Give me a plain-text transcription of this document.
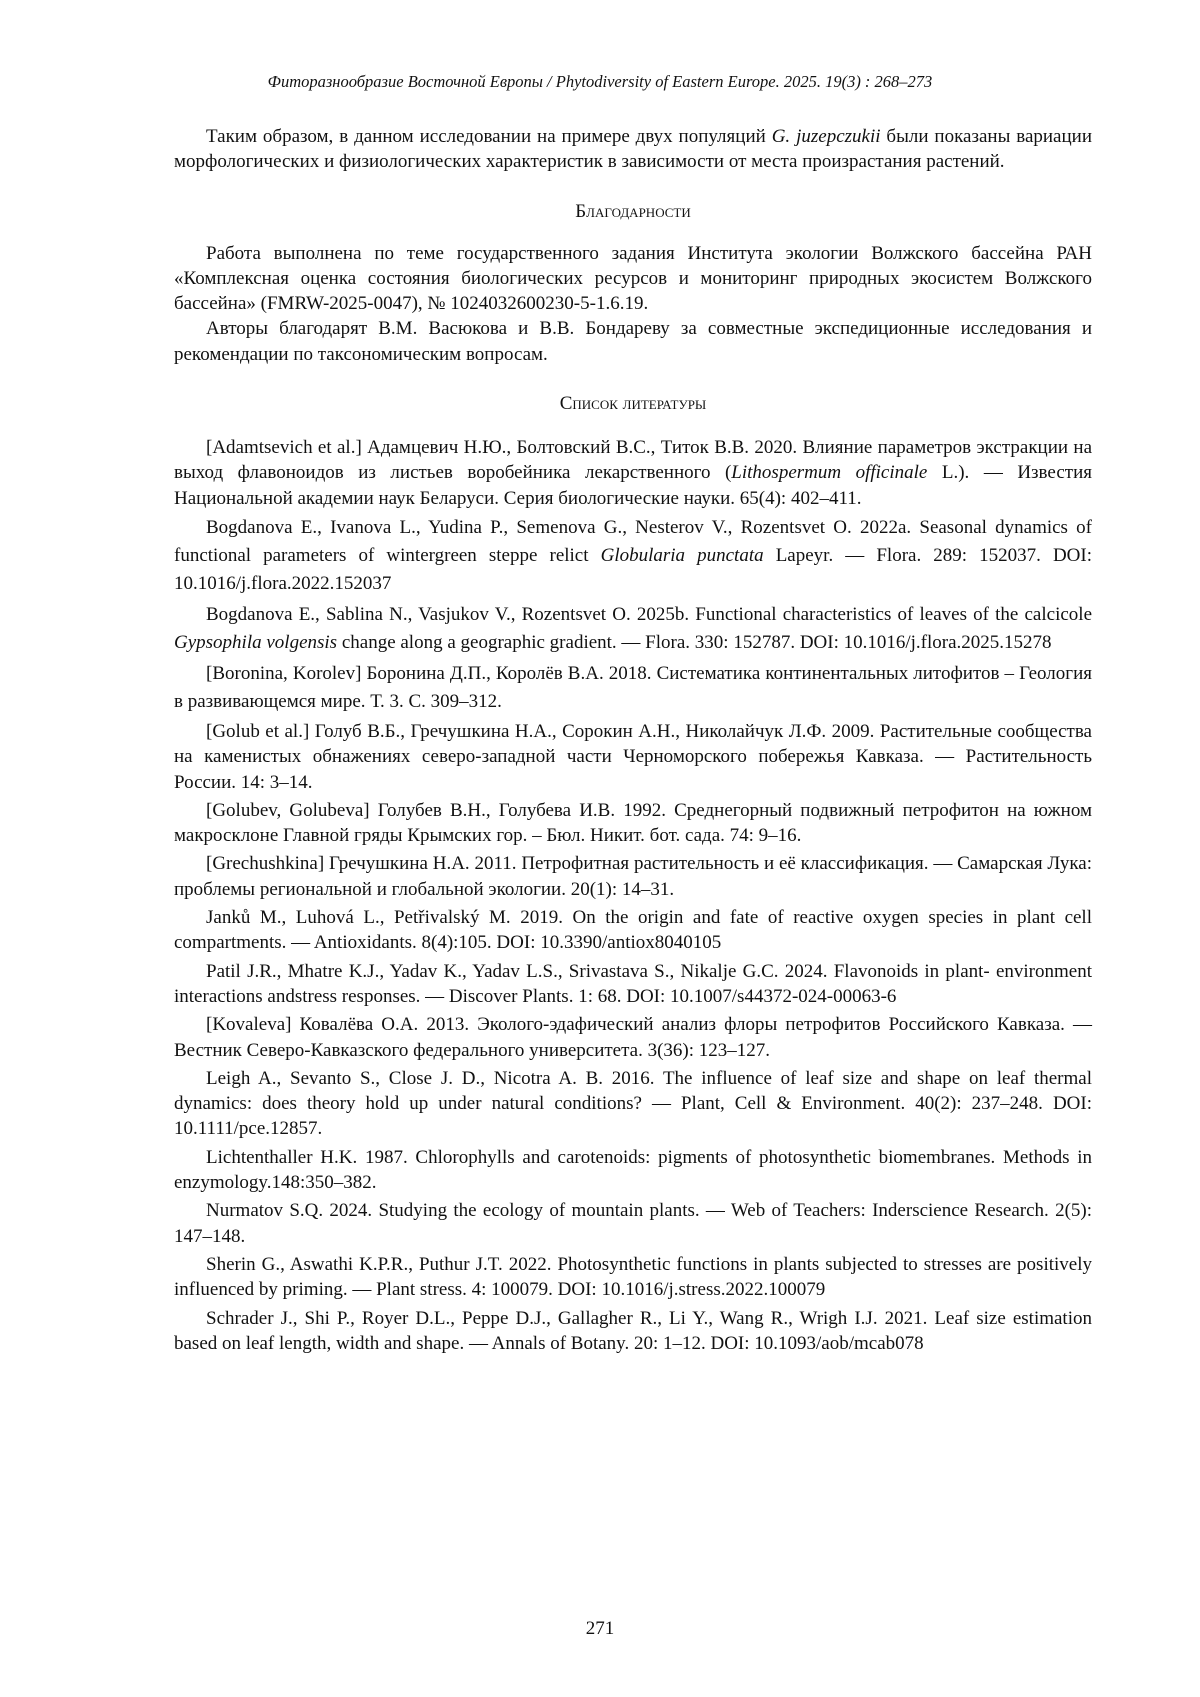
Фиторазнообразие Восточной Европы / Phytodiversity of Eastern Europe. 2025. 19(3) : 268–273

Таким образом, в данном исследовании на примере двух популяций G. juzepczukii были показаны вариации морфологических и физиологических характеристик в зависимости от места произрастания растений.

Благодарности

Работа выполнена по теме государственного задания Института экологии Волжского бассейна РАН «Комплексная оценка состояния биологических ресурсов и мониторинг природных экосистем Волжского бассейна» (FMRW-2025-0047), № 1024032600230-5-1.6.19.

Авторы благодарят В.М. Васюкова и В.В. Бондареву за совместные экспедиционные исследования и рекомендации по таксономическим вопросам.

Список литературы

[Adamtsevich et al.] Адамцевич Н.Ю., Болтовский В.С., Титок В.В. 2020. Влияние параметров экстракции на выход флавоноидов из листьев воробейника лекарственного (Lithospermum officinale L.). — Известия Национальной академии наук Беларуси. Серия биологические науки. 65(4): 402–411.

Bogdanova E., Ivanova L., Yudina P., Semenova G., Nesterov V., Rozentsvet O. 2022a. Seasonal dynamics of functional parameters of wintergreen steppe relict Globularia punctata Lapeyr. — Flora. 289: 152037. DOI: 10.1016/j.flora.2022.152037

Bogdanova E., Sablina N., Vasjukov V., Rozentsvet O. 2025b. Functional characteristics of leaves of the calcicole Gypsophila volgensis change along a geographic gradient. — Flora. 330: 152787. DOI: 10.1016/j.flora.2025.15278

[Boronina, Korolev] Боронина Д.П., Королёв В.А. 2018. Систематика континентальных литофитов – Геология в развивающемся мире. Т. 3. С. 309–312.

[Golub et al.] Голуб В.Б., Гречушкина Н.А., Сорокин А.Н., Николайчук Л.Ф. 2009. Растительные сообщества на каменистых обнажениях северо-западной части Черноморского побережья Кавказа. — Растительность России. 14: 3–14.

[Golubev, Golubeva] Голубев В.Н., Голубева И.В. 1992. Среднегорный подвижный петрофитон на южном макросклоне Главной гряды Крымских гор. – Бюл. Никит. бот. сада. 74: 9–16.

[Grechushkina] Гречушкина Н.А. 2011. Петрофитная растительность и её классификация. — Самарская Лука: проблемы региональной и глобальной экологии. 20(1): 14–31.

Janků M., Luhová L., Petřivalský M. 2019. On the origin and fate of reactive oxygen species in plant cell compartments. — Antioxidants. 8(4):105. DOI: 10.3390/antiox8040105

Patil J.R., Mhatre K.J., Yadav K., Yadav L.S., Srivastava S., Nikalje G.C. 2024. Flavonoids in plant- environment interactions andstress responses. — Discover Plants. 1: 68. DOI: 10.1007/s44372-024-00063-6

[Kovaleva] Ковалёва О.А. 2013. Эколого-эдафический анализ флоры петрофитов Российского Кавказа. — Вестник Северо-Кавказского федерального университета. 3(36): 123–127.

Leigh A., Sevanto S., Close J. D., Nicotra A. B. 2016. The influence of leaf size and shape on leaf thermal dynamics: does theory hold up under natural conditions? — Plant, Cell & Environment. 40(2): 237–248. DOI: 10.1111/pce.12857.

Lichtenthaller H.K. 1987. Chlorophylls and carotenoids: pigments of photosynthetic biomembranes. Methods in enzymology.148:350–382.

Nurmatov S.Q. 2024. Studying the ecology of mountain plants. — Web of Teachers: Inderscience Research. 2(5): 147–148.

Sherin G., Aswathi K.P.R., Puthur J.T. 2022. Photosynthetic functions in plants subjected to stresses are positively influenced by priming. — Plant stress. 4: 100079. DOI: 10.1016/j.stress.2022.100079

Schrader J., Shi P., Royer D.L., Peppe D.J., Gallagher R., Li Y., Wang R., Wrigh I.J. 2021. Leaf size estimation based on leaf length, width and shape. — Annals of Botany. 20: 1–12. DOI: 10.1093/aob/mcab078

271
